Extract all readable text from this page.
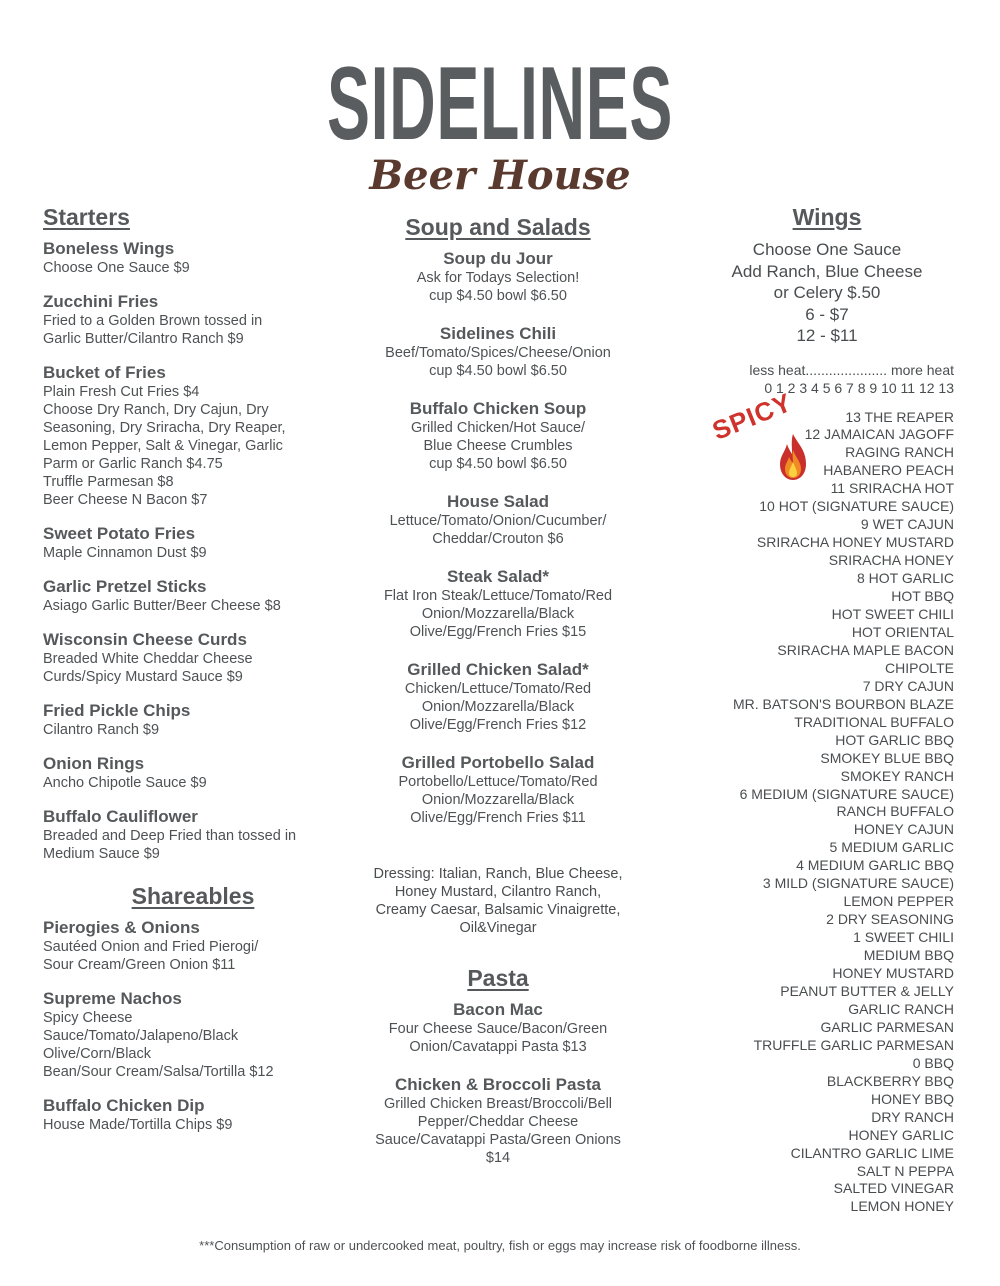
SIDELINES
Beer House
Starters
Boneless Wings
Choose One Sauce $9
Zucchini Fries
Fried to a Golden Brown tossed in
Garlic Butter/Cilantro Ranch $9
Bucket of Fries
Plain Fresh Cut Fries $4
Choose Dry Ranch, Dry Cajun, Dry
Seasoning, Dry Sriracha, Dry Reaper,
Lemon Pepper, Salt & Vinegar, Garlic
Parm or Garlic Ranch $4.75
Truffle Parmesan $8
Beer Cheese N Bacon $7
Sweet Potato Fries
Maple Cinnamon Dust $9
Garlic Pretzel Sticks
Asiago Garlic Butter/Beer Cheese $8
Wisconsin Cheese Curds
Breaded White Cheddar Cheese
Curds/Spicy Mustard Sauce $9
Fried Pickle Chips
Cilantro Ranch $9
Onion Rings
Ancho Chipotle Sauce $9
Buffalo Cauliflower
Breaded and Deep Fried than tossed in
Medium Sauce $9
Shareables
Pierogies & Onions
Sautéed Onion and Fried Pierogi/
Sour Cream/Green Onion $11
Supreme Nachos
Spicy Cheese
Sauce/Tomato/Jalapeno/Black
Olive/Corn/Black
Bean/Sour Cream/Salsa/Tortilla $12
Buffalo Chicken Dip
House Made/Tortilla Chips $9
Soup and Salads
Soup du Jour
Ask for Todays Selection!
cup $4.50 bowl $6.50
Sidelines Chili
Beef/Tomato/Spices/Cheese/Onion
cup $4.50 bowl $6.50
Buffalo Chicken Soup
Grilled Chicken/Hot Sauce/
Blue Cheese Crumbles
cup $4.50 bowl $6.50
House Salad
Lettuce/Tomato/Onion/Cucumber/
Cheddar/Crouton $6
Steak Salad*
Flat Iron Steak/Lettuce/Tomato/Red
Onion/Mozzarella/Black
Olive/Egg/French Fries $15
Grilled Chicken Salad*
Chicken/Lettuce/Tomato/Red
Onion/Mozzarella/Black
Olive/Egg/French Fries $12
Grilled Portobello Salad
Portobello/Lettuce/Tomato/Red
Onion/Mozzarella/Black
Olive/Egg/French Fries $11
Dressing: Italian, Ranch, Blue Cheese,
Honey Mustard, Cilantro Ranch,
Creamy Caesar, Balsamic Vinaigrette,
Oil&Vinegar
Pasta
Bacon Mac
Four Cheese Sauce/Bacon/Green
Onion/Cavatappi Pasta $13
Chicken & Broccoli Pasta
Grilled Chicken Breast/Broccoli/Bell
Pepper/Cheddar Cheese
Sauce/Cavatappi Pasta/Green Onions
$14
Wings
Choose One Sauce
Add Ranch, Blue Cheese
or Celery $.50
6 - $7
12 - $11
less heat..................... more heat
0 1 2 3 4 5 6 7 8 9 10 11 12 13
13 THE REAPER
12 JAMAICAN JAGOFF
RAGING RANCH
HABANERO PEACH
11 SRIRACHA HOT
10 HOT (SIGNATURE SAUCE)
9 WET CAJUN
SRIRACHA HONEY MUSTARD
SRIRACHA HONEY
8 HOT GARLIC
HOT BBQ
HOT SWEET CHILI
HOT ORIENTAL
SRIRACHA MAPLE BACON
CHIPOLTE
7 DRY CAJUN
MR. BATSON'S BOURBON BLAZE
TRADITIONAL BUFFALO
HOT GARLIC BBQ
SMOKEY BLUE BBQ
SMOKEY RANCH
6 MEDIUM (SIGNATURE SAUCE)
RANCH BUFFALO
HONEY CAJUN
5 MEDIUM GARLIC
4 MEDIUM GARLIC BBQ
3 MILD (SIGNATURE SAUCE)
LEMON PEPPER
2 DRY SEASONING
1 SWEET CHILI
MEDIUM BBQ
HONEY MUSTARD
PEANUT BUTTER & JELLY
GARLIC RANCH
GARLIC PARMESAN
TRUFFLE GARLIC PARMESAN
0 BBQ
BLACKBERRY BBQ
HONEY BBQ
DRY RANCH
HONEY GARLIC
CILANTRO GARLIC LIME
SALT N PEPPA
SALTED VINEGAR
LEMON HONEY
SPICY
***Consumption of raw or undercooked meat, poultry, fish or eggs may increase risk of foodborne illness.
